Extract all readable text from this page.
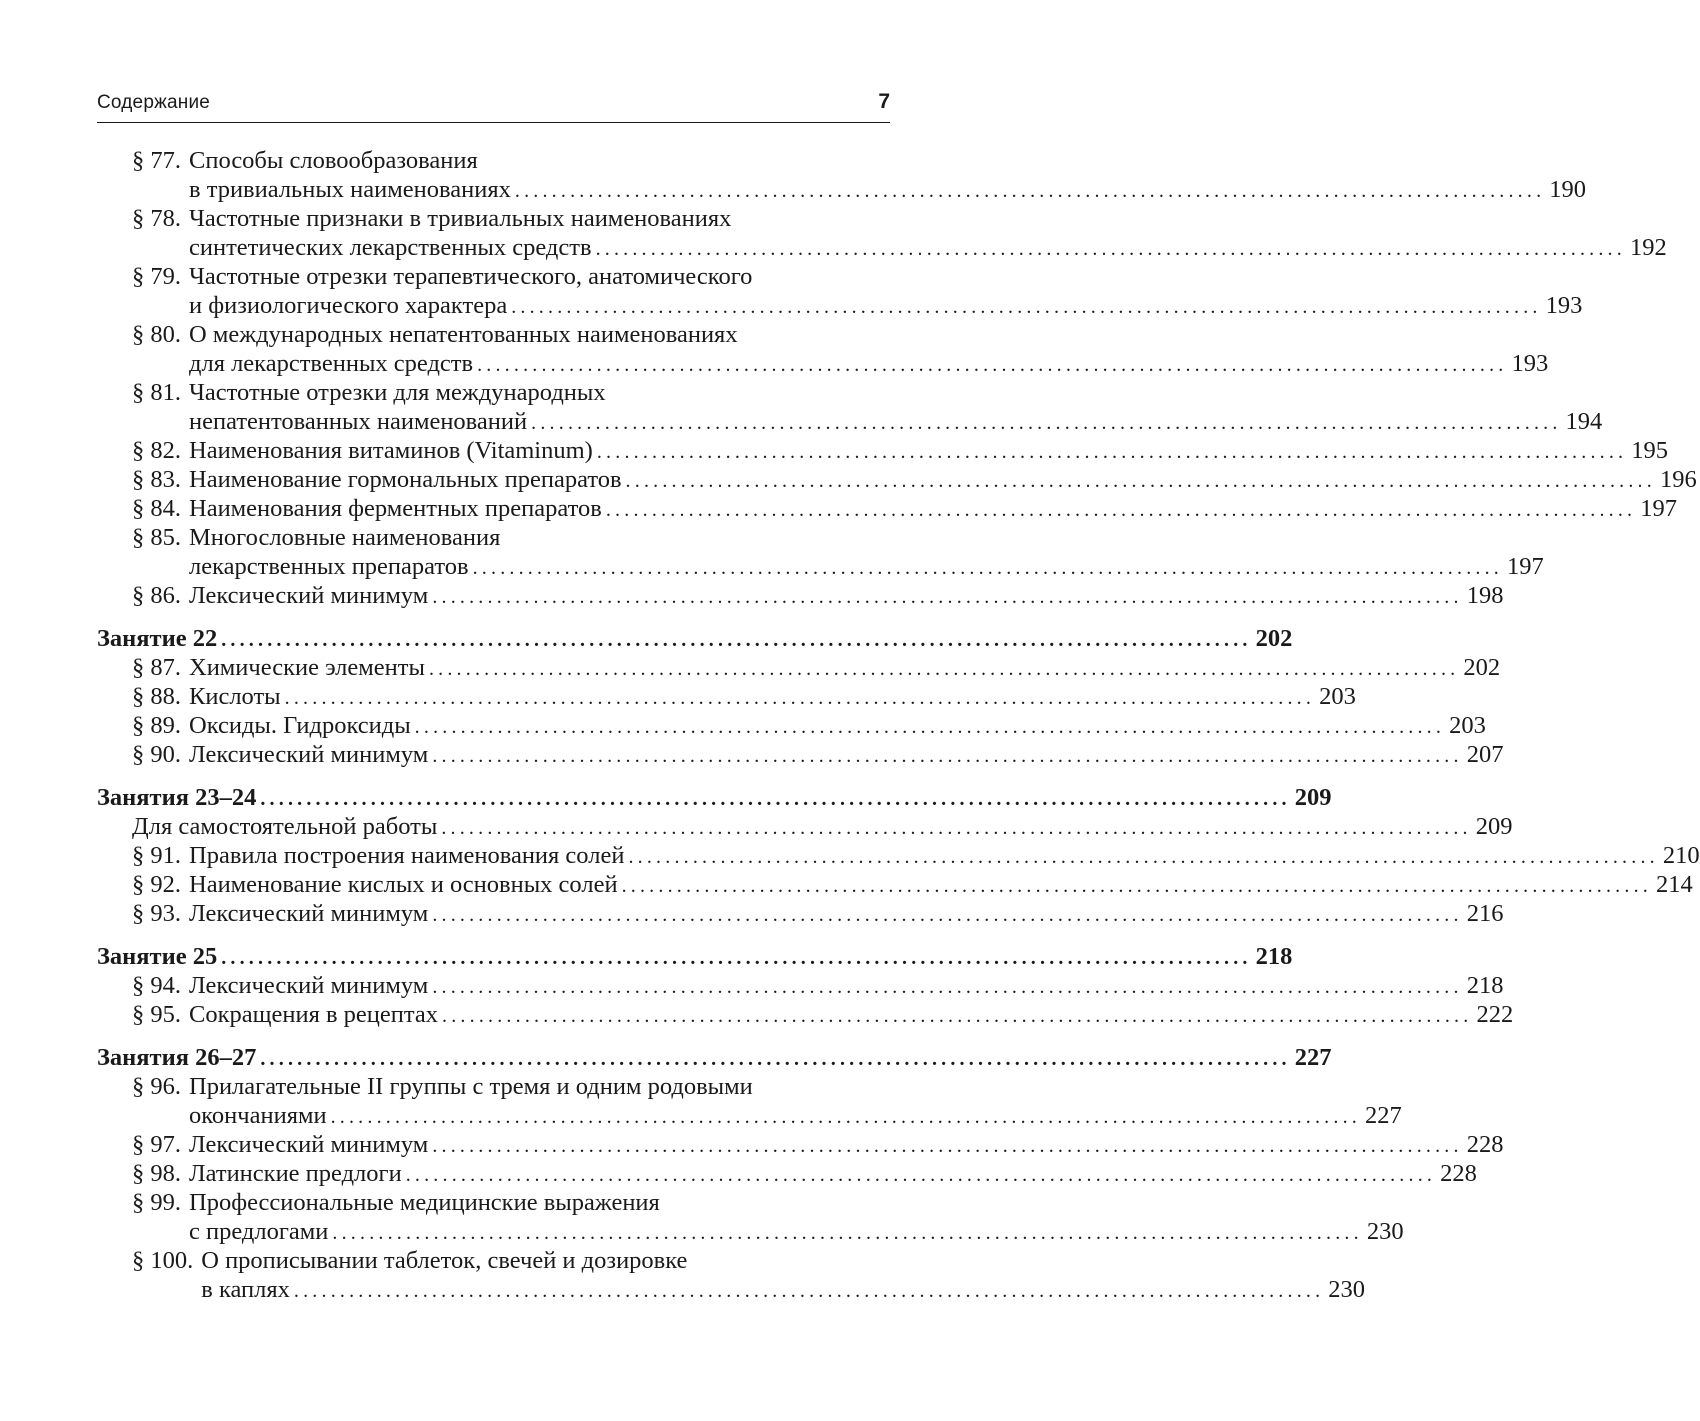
Содержание	7
§ 77. Способы словообразования
в тривиальных наименованиях ................................................................................................................ 190
§ 78. Частотные признаки в тривиальных наименованиях
синтетических лекарственных средств ................................................................................................................ 192
§ 79. Частотные отрезки терапевтического, анатомического
и физиологического характера ................................................................................................................ 193
§ 80. О международных непатентованных наименованиях
для лекарственных средств ................................................................................................................ 193
§ 81. Частотные отрезки для международных
непатентованных наименований ................................................................................................................ 194
§ 82. Наименования витаминов (Vitaminum) ................................................................................................................ 195
§ 83. Наименование гормональных препаратов ................................................................................................................ 196
§ 84. Наименования ферментных препаратов ................................................................................................................ 197
§ 85. Многословные наименования
лекарственных препаратов ................................................................................................................ 197
§ 86. Лексический минимум ................................................................................................................ 198
Занятие 22 ................................................................................................................ 202
§ 87. Химические элементы ................................................................................................................ 202
§ 88. Кислоты ................................................................................................................ 203
§ 89. Оксиды. Гидроксиды ................................................................................................................ 203
§ 90. Лексический минимум ................................................................................................................ 207
Занятия 23–24 ................................................................................................................ 209
Для самостоятельной работы ................................................................................................................ 209
§ 91. Правила построения наименования солей ................................................................................................................ 210
§ 92. Наименование кислых и основных солей ................................................................................................................ 214
§ 93. Лексический минимум ................................................................................................................ 216
Занятие 25 ................................................................................................................ 218
§ 94. Лексический минимум ................................................................................................................ 218
§ 95. Сокращения в рецептах ................................................................................................................ 222
Занятия 26–27 ................................................................................................................ 227
§ 96. Прилагательные II группы с тремя и одним родовыми
окончаниями ................................................................................................................ 227
§ 97. Лексический минимум ................................................................................................................ 228
§ 98. Латинские предлоги ................................................................................................................ 228
§ 99. Профессиональные медицинские выражения
с предлогами ................................................................................................................ 230
§ 100. О прописывании таблеток, свечей и дозировке
в каплях ................................................................................................................ 230
